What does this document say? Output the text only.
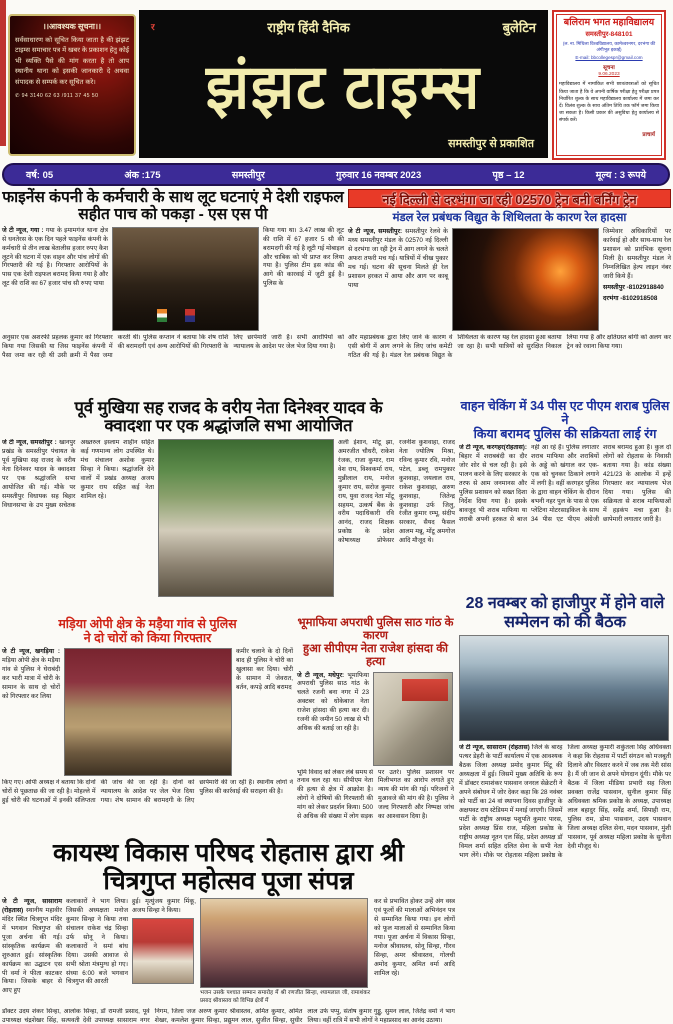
।।आवश्यक सूचना।।
सर्वसाधारण को सूचित किया जाता है की झंझट टाइम्स समाचार पत्र में खबर के प्रकाशन हेतु कोई भी व्यक्ति पैसे की मांग करता है तो आप स्थानीय थाना को इसकी जानकारी दे अथवा संपादक से सम्पर्क कर सूचित करे।
✆ 94 3140 62 63 /911 37 45 50
र	राष्ट्रीय हिंदी दैनिक	बुलेटिन
झंझट टाइम्स
समस्तीपुर से प्रकाशित
बलिराम भगत महाविद्यालय
समस्तीपुर-848101
(ल. ना. मिथिला विश्वविद्यालय, कामेश्वरनगर, दरभंगा की अंगीभूत इकाई)
E-mail: bbcollegespr@gmail.com
सूचना
9.06.2023
महाविद्यालय में नामांकित सभी छात्र/छात्राओं को सूचित किया जाता है कि वे अपनी वार्षिक परीक्षा हेतु परीक्षा प्रपत्र निर्धारित शुल्क के साथ महाविद्यालय कार्यालय में जमा कर दें। विलंब शुल्क के साथ अंतिम तिथि तक फॉर्म जमा किया जा सकता है। किसी प्रकार की असुविधा हेतु कार्यालय से संपर्क करें।
प्राचार्य
वर्ष: 05	अंक :175	समस्तीपुर	गुरुवार 16 नवम्बर 2023	पृष्ठ – 12	मूल्य : 3 रूपये
फाइनेंस कंपनी के कर्मचारी के साथ लूट घटनाएं मे देशी राइफल सहीत पाच को पकड़ा - एस एस पी
जे टी न्यूज, गया : गया के इमामगंज थाना क्षेत्र से धनतेरस के एक दिन पहले फाइनेंस कंपनी के कर्मचारी से तीन लाख बेतालीस हजार रुपए कैश लूटने की घटना में एक वाहन और पांच लोगों की गिरफ्तारी की गई है। गिरफ्तार आरोपियों के पास एक देशी राइफल बरामद किया गया है और लूट की राशि का 67 हजार पांच सौ रुपए पाया
किया गया था। 3.47 लाख की लूट की राशि में 67 हजार 5 सौ की बरामदगी की गई है लूटी गई मोबाइल और चाबिक को भी प्राप्त कर लिया गया है। पुलिस टीम इस कांड की आगे की कारवाई में जुटी हुई है। पुलिस के
अनुसार एक अशरफी प्रहलक कुमार को गिरफ्तार किया गया जिसकी या जिस फाइनेंस कंपनी में पैसा जमा कर रही थी उसी क्रमी में पैसा जमा करती थी। पुलिस कप्तान ने बताया कि शेष राशि की बरामदगी एवं अन्य आरोपियों की गिरफ्तारी के लिए छापेमारी जारी है। सभी आरोपियों को न्यायालय के आदेश पर जेल भेज दिया गया है।
नई दिल्ली से दरभंगा जा रही 02570 ट्रेन बनी बर्निंग ट्रेन
मंडल रेल प्रबंधक विद्युत के शिथिलता के कारण रेल हादसा
जे टी न्यूज, समस्तीपुर: समस्तीपुर रेलवे के मध्य समस्तीपुर मंडल के 02570 नई दिल्ली से दरभंगा जा रही ट्रेन में आग लगने के चलते अफरा तफरी मच गई। यात्रियों में चीख पुकार मच गई। घटना की सूचना मिलते ही रेल प्रशासन हरकत में आया और आग पर काबू पाया
जिम्मेवार अधिकारियों पर कार्रवाई हो और साथ-साथ रेल प्रशासन को प्रारंभिक सूचना मिली है। समस्तीपुर मंडल ने निम्नलिखित हेल्प लाइन नंबर जारी किये हैं।
समस्तीपुर -8102918840
दरभंगा -8102918508
और महाप्रबंधक द्वारा लिए जाने के कारण वे एसी बोगी में आग लगने के लिए जांच कमेटी गठित की गई है। मंडल रेल प्रबंधक विद्युत के शिथिलता के कारण यह रेल हादसा हुआ बताया जा रहा है। सभी यात्रियों को सुरक्षित निकाल लिया गया है और क्षतिग्रस्त बोगी को अलग कर ट्रेन को रवाना किया गया।
पूर्व मुखिया सह राजद के वरीय नेता दिनेश्वर यादव के
क्वादशा पर एक श्रद्धांजलि सभा आयोजित
जे टी न्यूज, समस्तीपुर : खानपुर प्रखंड के समस्तीपुर पंचायत के पूर्व मुखिया सह राजद के वरीय नेता दिनेश्वर यादव के क्वादशा पर एक श्रद्धांजलि सभा आयोजित की गई। मौके पर समस्तीपुर विधायक सह बिहार विधानसभा के उप मुख्य सचेतक अख्तरुल इस्लाम शाहीन सहित कई गणमान्य लोग उपस्थित थे। मंच संचालन अशोक कुमार सिन्हा ने किया। श्रद्धांजलि देने वालों में प्रखंड अध्यक्ष अजय कुमार राय सहित कई नेता शामिल रहे।
अली ईशान, मोंटू झा, अमरजीत चौधरी, राकेश रंजक, राजा कुमार, राम वेश राय, विश्वकर्मा राय, मुन्नीलाल राय, मनोज कुमार राय, सरोज कुमार राय, युवा राजद नेता मोंटू सहयम, उत्कर्ष बैंक के वरीय पदाधिकारी रवि आनंद, राजद शिक्षक प्रकोष्ठ के प्रदेश कोषाध्यक्ष प्रोफेसर रजनीश कुशवाहा, राजद नेता ज्योतिष मिश्रा, रविन्द कुमार रवि, मनोज पटेल, डब्लू रामपुकार कुशवाहा, जयलाल राय, राकेश कुशवाहा, अरुण कुशवाहा, जितेन्द्र कुशवाहा उर्फ जिलु, रंजीत कुमार रम्भू, संदीप सरकार, सैयद फैसल आलम मन्नू, मोंटू अमगोज आदि मौजूद थे।
वाहन चेकिंग में 34 पीस एट पीएम शराब पुलिस ने
किया बरामद पुलिस की सक्रियता लाई रंग
जे टी न्यूज, करगहर(रोहतास): बिहार में शराबबंदी का दौर जोर शोर से चल रही है। इसे पालन करने के लिए सरकार के तरफ से आम जनमानस और पुलिस प्रशासन को सख्त दिशा निर्देश दिया गया है। इसके बावजूद भी शराब माफिया या शराबी अपनी हरकत से बाज नहीं आ रहे हैं। पुलिस लगातार शराब माफिया और शराबियों के अड्डे को खंगाल कर एक-एक को चुनकर ठिकाने लगाने में लगी है। वहीं करगहर पुलिस के द्वारा वाहन चेकिंग के दौरान बभनी नहर पुल के पास से एक प्लेटिना मोटरसाइकिल के साथ 34 पीस एट पीएम अंग्रेजी शराब बरामद हुआ है। कुल दो लोगों को रोहतास के निवासी बताया गया है। कांड संख्या 421/23 के आलोक में इन्हें गिरफ्तार कर न्यायालय भेज दिया गया। पुलिस की सक्रियता से शराब माफियाओं में हड़कंप मचा हुआ है। छापेमारी लगातार जारी है।
मड़िया ओपी क्षेत्र के मड़ैया गांव से पुलिस
ने दो चोरों को किया गिरफ्तार
जे टी न्यूज, खगड़िया : मड़िया ओपी क्षेत्र के मड़ैया गांव से पुलिस ने घेराबंदी कर भारी मात्रा में चोरी के सामान के साथ दो चोरों को गिरफ्तार कर लिया
कमीर चलाने के दो दिनों बाद ही पुलिस ने चोरी का खुलासा कर दिया। चोरी के सामान में जेवरात, बर्तन, कपड़े आदि बरामद
किए गए। ओपी अध्यक्ष ने बताया कि दोनों चोरों से पूछताछ की जा रही है। मोहल्ले में हुई चोरी की घटनाओं में इनकी संलिप्तता की जांच की जा रही है। दोनों को न्यायालय के आदेश पर जेल भेज दिया गया। शेष सामान की बरामदगी के लिए छापेमारी की जा रही है। स्थानीय लोगों ने पुलिस की कार्रवाई की सराहना की है।
भूमाफिया अपराधी पुलिस साठ गांठ के कारण
हुआ सीपीएम नेता राजेश हांसदा की हत्या
जे टी न्यूज, मधेपुर: भूमाफिया अपराधी पुलिस साठ गांठ के चलते रजनी बना नगर में 23 अक्टबर को धोकेबाज नेता राजेश हांसदा की हत्या कर दी। रजनी की जमीन 50 लाख से भी अधिक की बताई जा रही है।
भूमि विवाद को लेकर लंबे समय से तनाव चल रहा था। सीपीएम नेता की हत्या से क्षेत्र में आक्रोश है। लोगों ने दोषियों की गिरफ्तारी की मांग को लेकर प्रदर्शन किया। 500 से अधिक की संख्या में लोग सड़क पर उतरे। पुलिस प्रशासन पर मिलीभगत का आरोप लगाते हुए न्याय की मांग की गई। परिजनों ने मुआवजे की मांग की है। पुलिस ने जल्द गिरफ्तारी और निष्पक्ष जांच का आश्वासन दिया है।
28 नवम्बर को हाजीपुर में होने वाले सम्मेलन को की बैठक
जे टी न्यूज, सासाराम (रोहतास) जिले के बारह पत्थर डेहरी के पार्टी कार्यालय में एक आवश्यक बैठक जिला अध्यक्ष प्रमोद कुमार मिंटू की अध्यक्षता में हुई। जिसमें मुख्य अतिथि के रूप में डॉक्टर रामाशंकर पासवान जनरल सेक्रेटरी ने अपने संबोधन में जोर देकर कहा कि 28 नवंबर को पार्टी का 24 वां स्थापना दिवस हाजीपुर के अक्षयवट राय स्टेडियम में मनाई जाएगी। जिसमें पार्टी के राष्ट्रीय अध्यक्ष पशुपति कुमार पारस, प्रदेश अध्यक्ष प्रिंस राज, महिला प्रकोष्ठ के राष्ट्रीय अध्यक्ष नूतन एल सिंह, प्रदेश अध्यक्ष डॉ विमल शर्मा सहित दलित सेना के सभी नेता भाग लेंगे। मौके पर रोहतास महिला प्रकोष्ठ के जिला अध्यक्ष कुमारी शकुंतला सिंह अधिवक्ता ने कहा कि रोहतास में पार्टी संगठन को मजबूती दिलाने और विस्तार करने में जब तक मेरी सांस है। मैं जी जान से अपने योगदान दूंगी। मौके पर बैठक में जिला मीडिया प्रभारी सह जिला प्रवक्ता राजेंद्र पासवान, सुनील कुमार सिंह अधिवक्ता श्रमिक प्रकोष्ठ के अध्यक्ष, उपाध्यक्ष लाल बहादुर सिंह, सर्वेंद्र शर्मा, सिपाही राम, पुलिस राम, डोमा पासवान, उदय पासवान जिला अध्यक्ष दलित सेना, मदन पासवान, मुंशी पासवान, पूर्व अध्यक्ष महिला प्रकोष्ठ के सुनीता देवी मौजूद थे।
कायस्थ विकास परिषद रोहतास द्वारा श्री
चित्रगुप्त महोत्सव पूजा संपन्न
जे टी न्यूज, सासाराम (रोहतास) स्थानीय महावीर मंदिर स्थित चित्रगुप्त मंदिर में भगवान चित्रगुप्त की पूजा अर्चना की गई। सांस्कृतिक कार्यक्रम की शुरुआत हुई। सांस्कृतिक कार्यक्रम का उद्घाटन एस पी वर्मा ने फीता काटकर किया। जिसके बाहर से आए हुए
कलाकारों ने भाग लिया। जिसकी अध्यक्षता मनोज कुमार सिन्हा ने किया तथा संचालन राकेश चंद्र सिन्हा उर्फ सोनू ने किया। कलाकारों ने समां बांध दिया। उसकी आवाज से सभी श्रोता मंत्रमुग्ध हो गए। संध्या 6:00 बजे भगवान चित्रगुप्त की आरती
हुई। मृत्युंजय कुमार मिंकू, अजय सिन्हा ने किया।
भजन उसके पश्चात सम्मान समारोह में श्री रणजीत सिन्हा, श्यामलाल जी, रामाशंकर प्रसाद श्रीवास्तव को विभिन्न क्षेत्रों में
कर से प्रभावित होकर उन्हें अंग वस्त्र एवं फूलों की मालाओं अभिनंदन पत्र से सम्मानित किया गया। इन लोगों को फूल मालाओं से सम्मानित किया गया। पूजा अर्चना में विकास सिन्हा, मनोज श्रीवास्तव, सोनू सिन्हा, गौरव सिन्हा, अमर श्रीवास्तव, गोलची अमोद कुमार, अमित वर्मा आदि शामिल रहे।
डॉक्टर उदय शंकर सिन्हा, आलोक सिन्हा, डॉ रामजी प्रसाद, पूर्व उपाध्यक्ष चंद्रशेखर सिंह, सत्यवती देवी उपाध्यक्ष सासाराम नगर निगम, जिला जज अरुण कुमार श्रीवास्तव, अमित कुमार, अमित शेखर, कमलेश कुमार सिन्हा, प्रद्युमन लाल, सुजीत सिन्हा, सुधीर लाल उर्फ पप्पु, संतोष कुमार गुड्डू, सुमन लाल, जितेंद्र वर्मा ने भाग लिया। वहीं रात्रि में सभी लोगों ने महाप्रसाद का आनंद उठाया।
